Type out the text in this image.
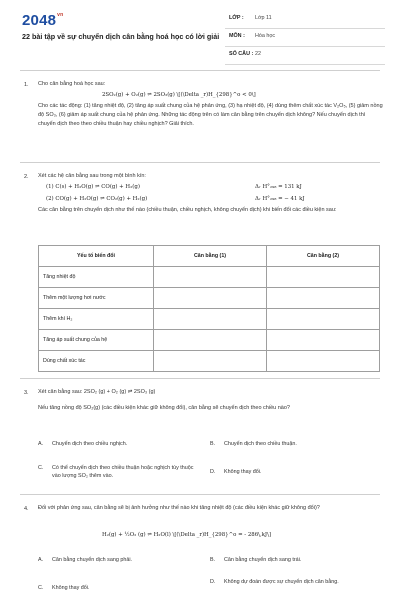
$2048^{vn}$
22 bài tập về sự chuyển dịch cân bằng hoá học có lời giải
LỚP : Lớp 11
MÔN : Hóa học
SỐ CÂU : 22
1. Cho cân bằng hoá học sau:
2SO₂(g) + O₂(g) ⇌ 2SO₃(g) \[(\Delta _r)H_{298}^o < 0\]
Cho các tác động: (1) tăng nhiệt độ, (2) tăng áp suất chung của hệ phản ứng, (3) hạ nhiệt độ, (4) dùng thêm chất xúc tác V₂O₅, (5) giảm nồng độ SO₃, (6) giảm áp suất chung của hệ phản ứng. Những tác động trên có làm cân bằng trên chuyển dịch không? Nếu chuyển dịch thì chuyển dịch theo theo chiều thuận hay chiều nghịch? Giải thích.
2. Xét các hệ cân bằng sau trong một bình kín:
(1) C(s) + H₂O(g) ⇌ CO(g) + H₂(g)	Δᵣ H°₂₉₈ = 131 kJ
(2) CO(g) + H₂O(g) ⇌ CO₂(g) + H₂(g)	Δᵣ H°₂₉₈ = − 41 kJ
Các cân bằng trên chuyển dịch như thế nào (chiều thuận, chiều nghịch, không chuyển dịch) khi biến đổi các điều kiện sau:
Yếu tố biến đổi	Cân bằng (1)	Cân bằng (2)
Tăng nhiệt độ		
Thêm một lượng hơi nước		
Thêm khí H₂		
Tăng áp suất chung của hệ		
Dùng chất xúc tác		
3. Xét cân bằng sau: 2SO₂ (g) + O₂ (g) ⇌ 2SO₃ (g)
Nếu tăng nồng độ SO₂(g) (các điều kiện khác giữ không đổi), cân bằng sẽ chuyển dịch theo chiều nào?
A. Chuyển dịch theo chiều nghịch.	B. Chuyển dịch theo chiều thuận.
C.	Có thể chuyển dịch theo chiều thuận hoặc nghịch tùy thuộc vào lượng SO₂ thêm vào.
D. Không thay đổi.
4. Đối với phản ứng sau, cân bằng sẽ bị ảnh hưởng như thế nào khi tăng nhiệt độ (các điều kiện khác giữ không đổi)?
H₂(g) + ½O₂ (g) ⇌ H₂O(l) \[(\Delta _r)H_{298}^o = - 286\,kJ\]
A. Cân bằng chuyển dịch sang phải.	B. Cân bằng chuyển dịch sang trái.
C. Không thay đổi.
D.	Không dự đoán được sự chuyển dịch cân bằng.
